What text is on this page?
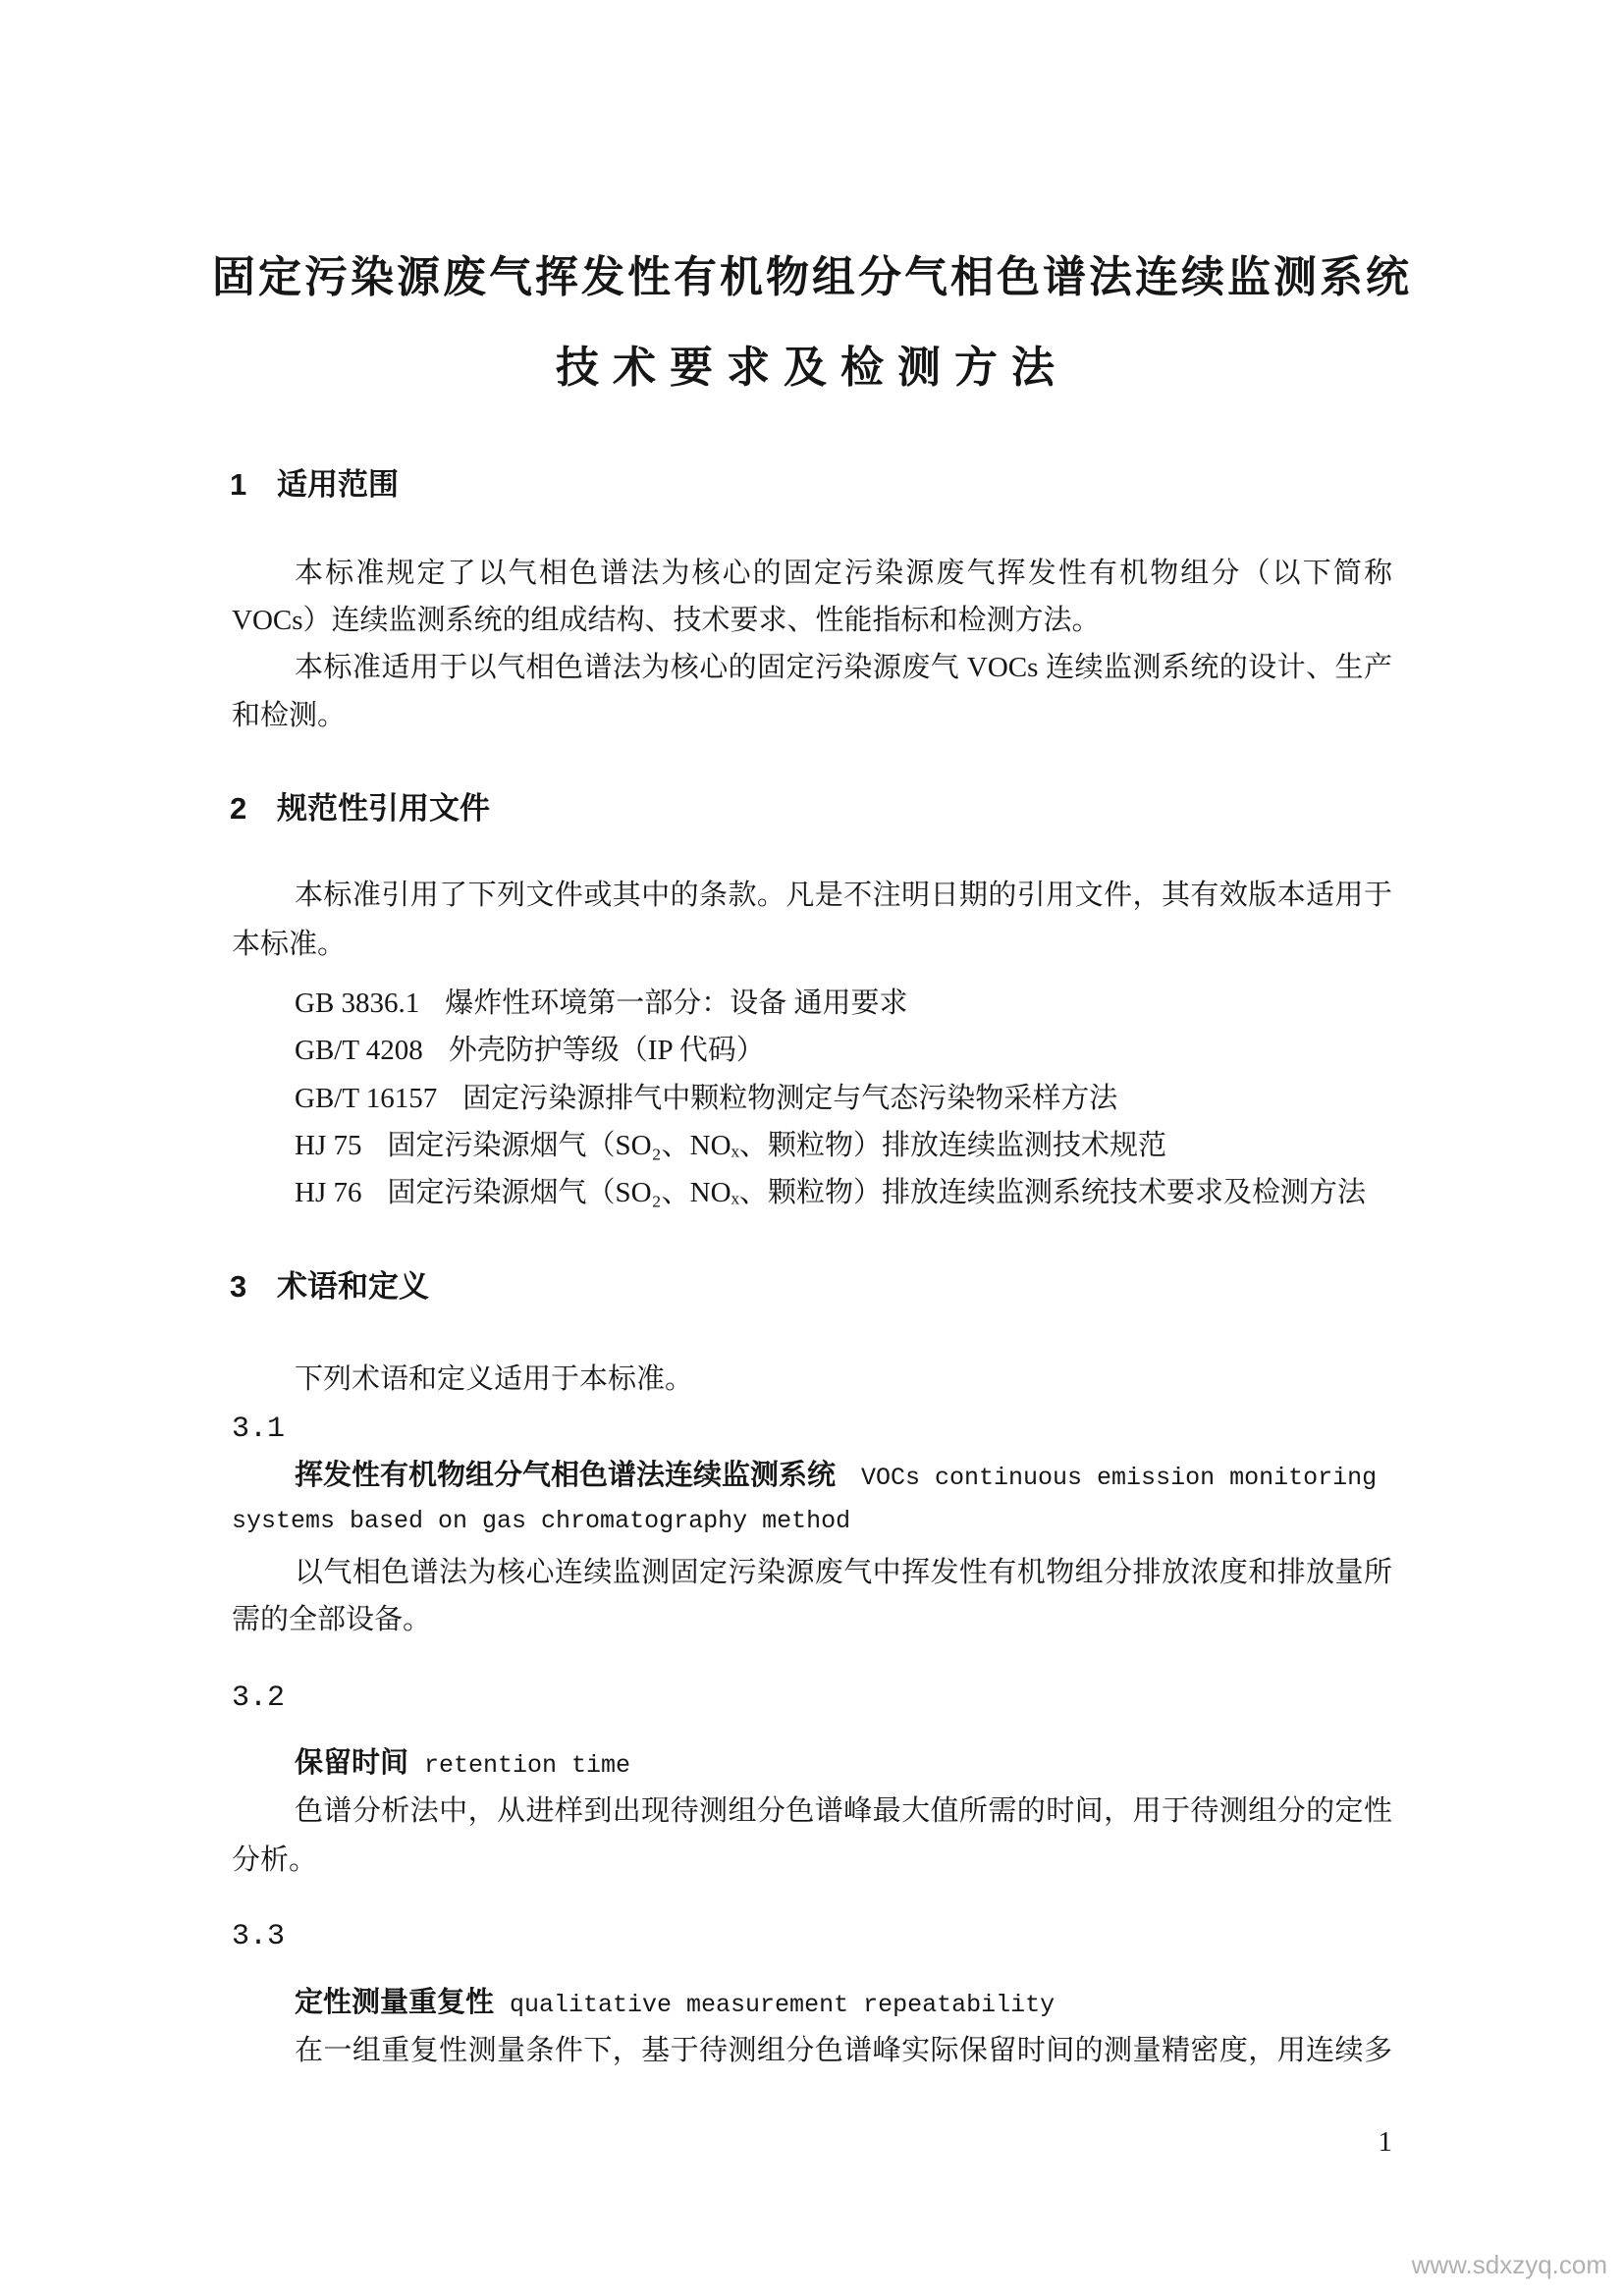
固定污染源废气挥发性有机物组分气相色谱法连续监测系统
技术要求及检测方法
1 适用范围
本标准规定了以气相色谱法为核心的固定污染源废气挥发性有机物组分（以下简称
VOCs）连续监测系统的组成结构、技术要求、性能指标和检测方法。
本标准适用于以气相色谱法为核心的固定污染源废气 VOCs 连续监测系统的设计、生产
和检测。
2 规范性引用文件
本标准引用了下列文件或其中的条款。凡是不注明日期的引用文件，其有效版本适用于
本标准。
GB 3836.1 爆炸性环境第一部分：设备 通用要求
GB/T 4208 外壳防护等级（IP 代码）
GB/T 16157 固定污染源排气中颗粒物测定与气态污染物采样方法
HJ 75 固定污染源烟气（SO₂、NOₓ、颗粒物）排放连续监测技术规范
HJ 76 固定污染源烟气（SO₂、NOₓ、颗粒物）排放连续监测系统技术要求及检测方法
3 术语和定义
下列术语和定义适用于本标准。
3.1
挥发性有机物组分气相色谱法连续监测系统 VOCs continuous emission monitoring
systems based on gas chromatography method
以气相色谱法为核心连续监测固定污染源废气中挥发性有机物组分排放浓度和排放量所
需的全部设备。
3.2
保留时间 retention time
色谱分析法中，从进样到出现待测组分色谱峰最大值所需的时间，用于待测组分的定性
分析。
3.3
定性测量重复性 qualitative measurement repeatability
在一组重复性测量条件下，基于待测组分色谱峰实际保留时间的测量精密度，用连续多
1
www.sdxzyq.com
